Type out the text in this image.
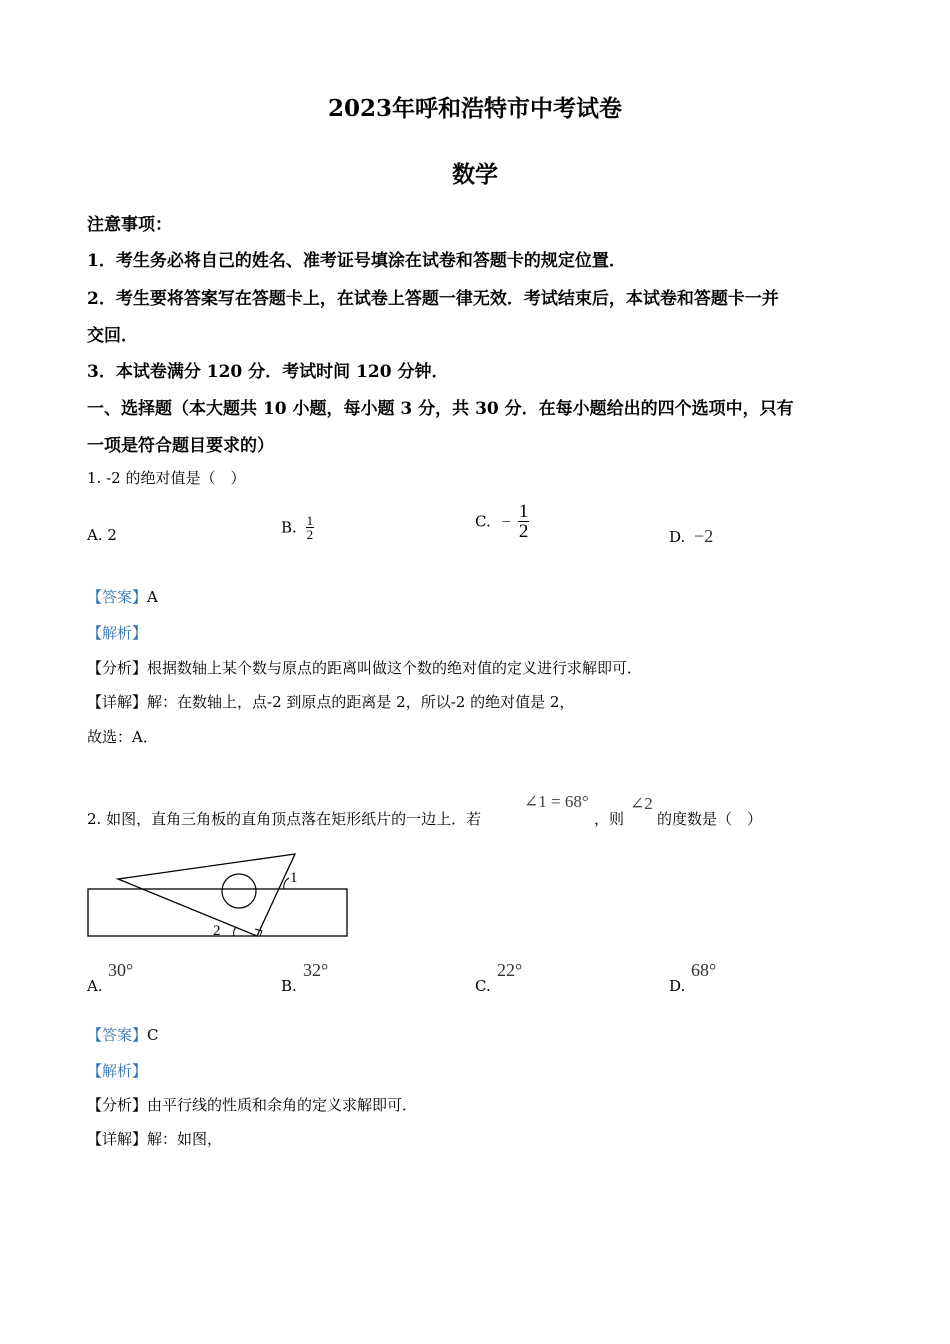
2023年呼和浩特市中考试卷
数学
注意事项：
1．考生务必将自己的姓名、准考证号填涂在试卷和答题卡的规定位置．
2．考生要将答案写在答题卡上，在试卷上答题一律无效．考试结束后，本试卷和答题卡一并
交回．
3．本试卷满分 120 分．考试时间 120 分钟．
一、选择题（本大题共 10 小题，每小题 3 分，共 30 分．在每小题给出的四个选项中，只有
一项是符合题目要求的）
1. -2 的绝对值是（　）
A. 2	B. $\frac{1}{2}$	C. − $\frac{1}{2}$	D. −2
【答案】A
【解析】
【分析】根据数轴上某个数与原点的距离叫做这个数的绝对值的定义进行求解即可．
【详解】解：在数轴上，点-2 到原点的距离是 2，所以-2 的绝对值是 2，
故选：A．
2. 如图，直角三角板的直角顶点落在矩形纸片的一边上．若
∠1 = 68°
，则
∠2
的度数是（　）
1
2
A.
30°
B.
32°
C.
22°
D.
68°
【答案】C
【解析】
【分析】由平行线的性质和余角的定义求解即可．
【详解】解：如图，
